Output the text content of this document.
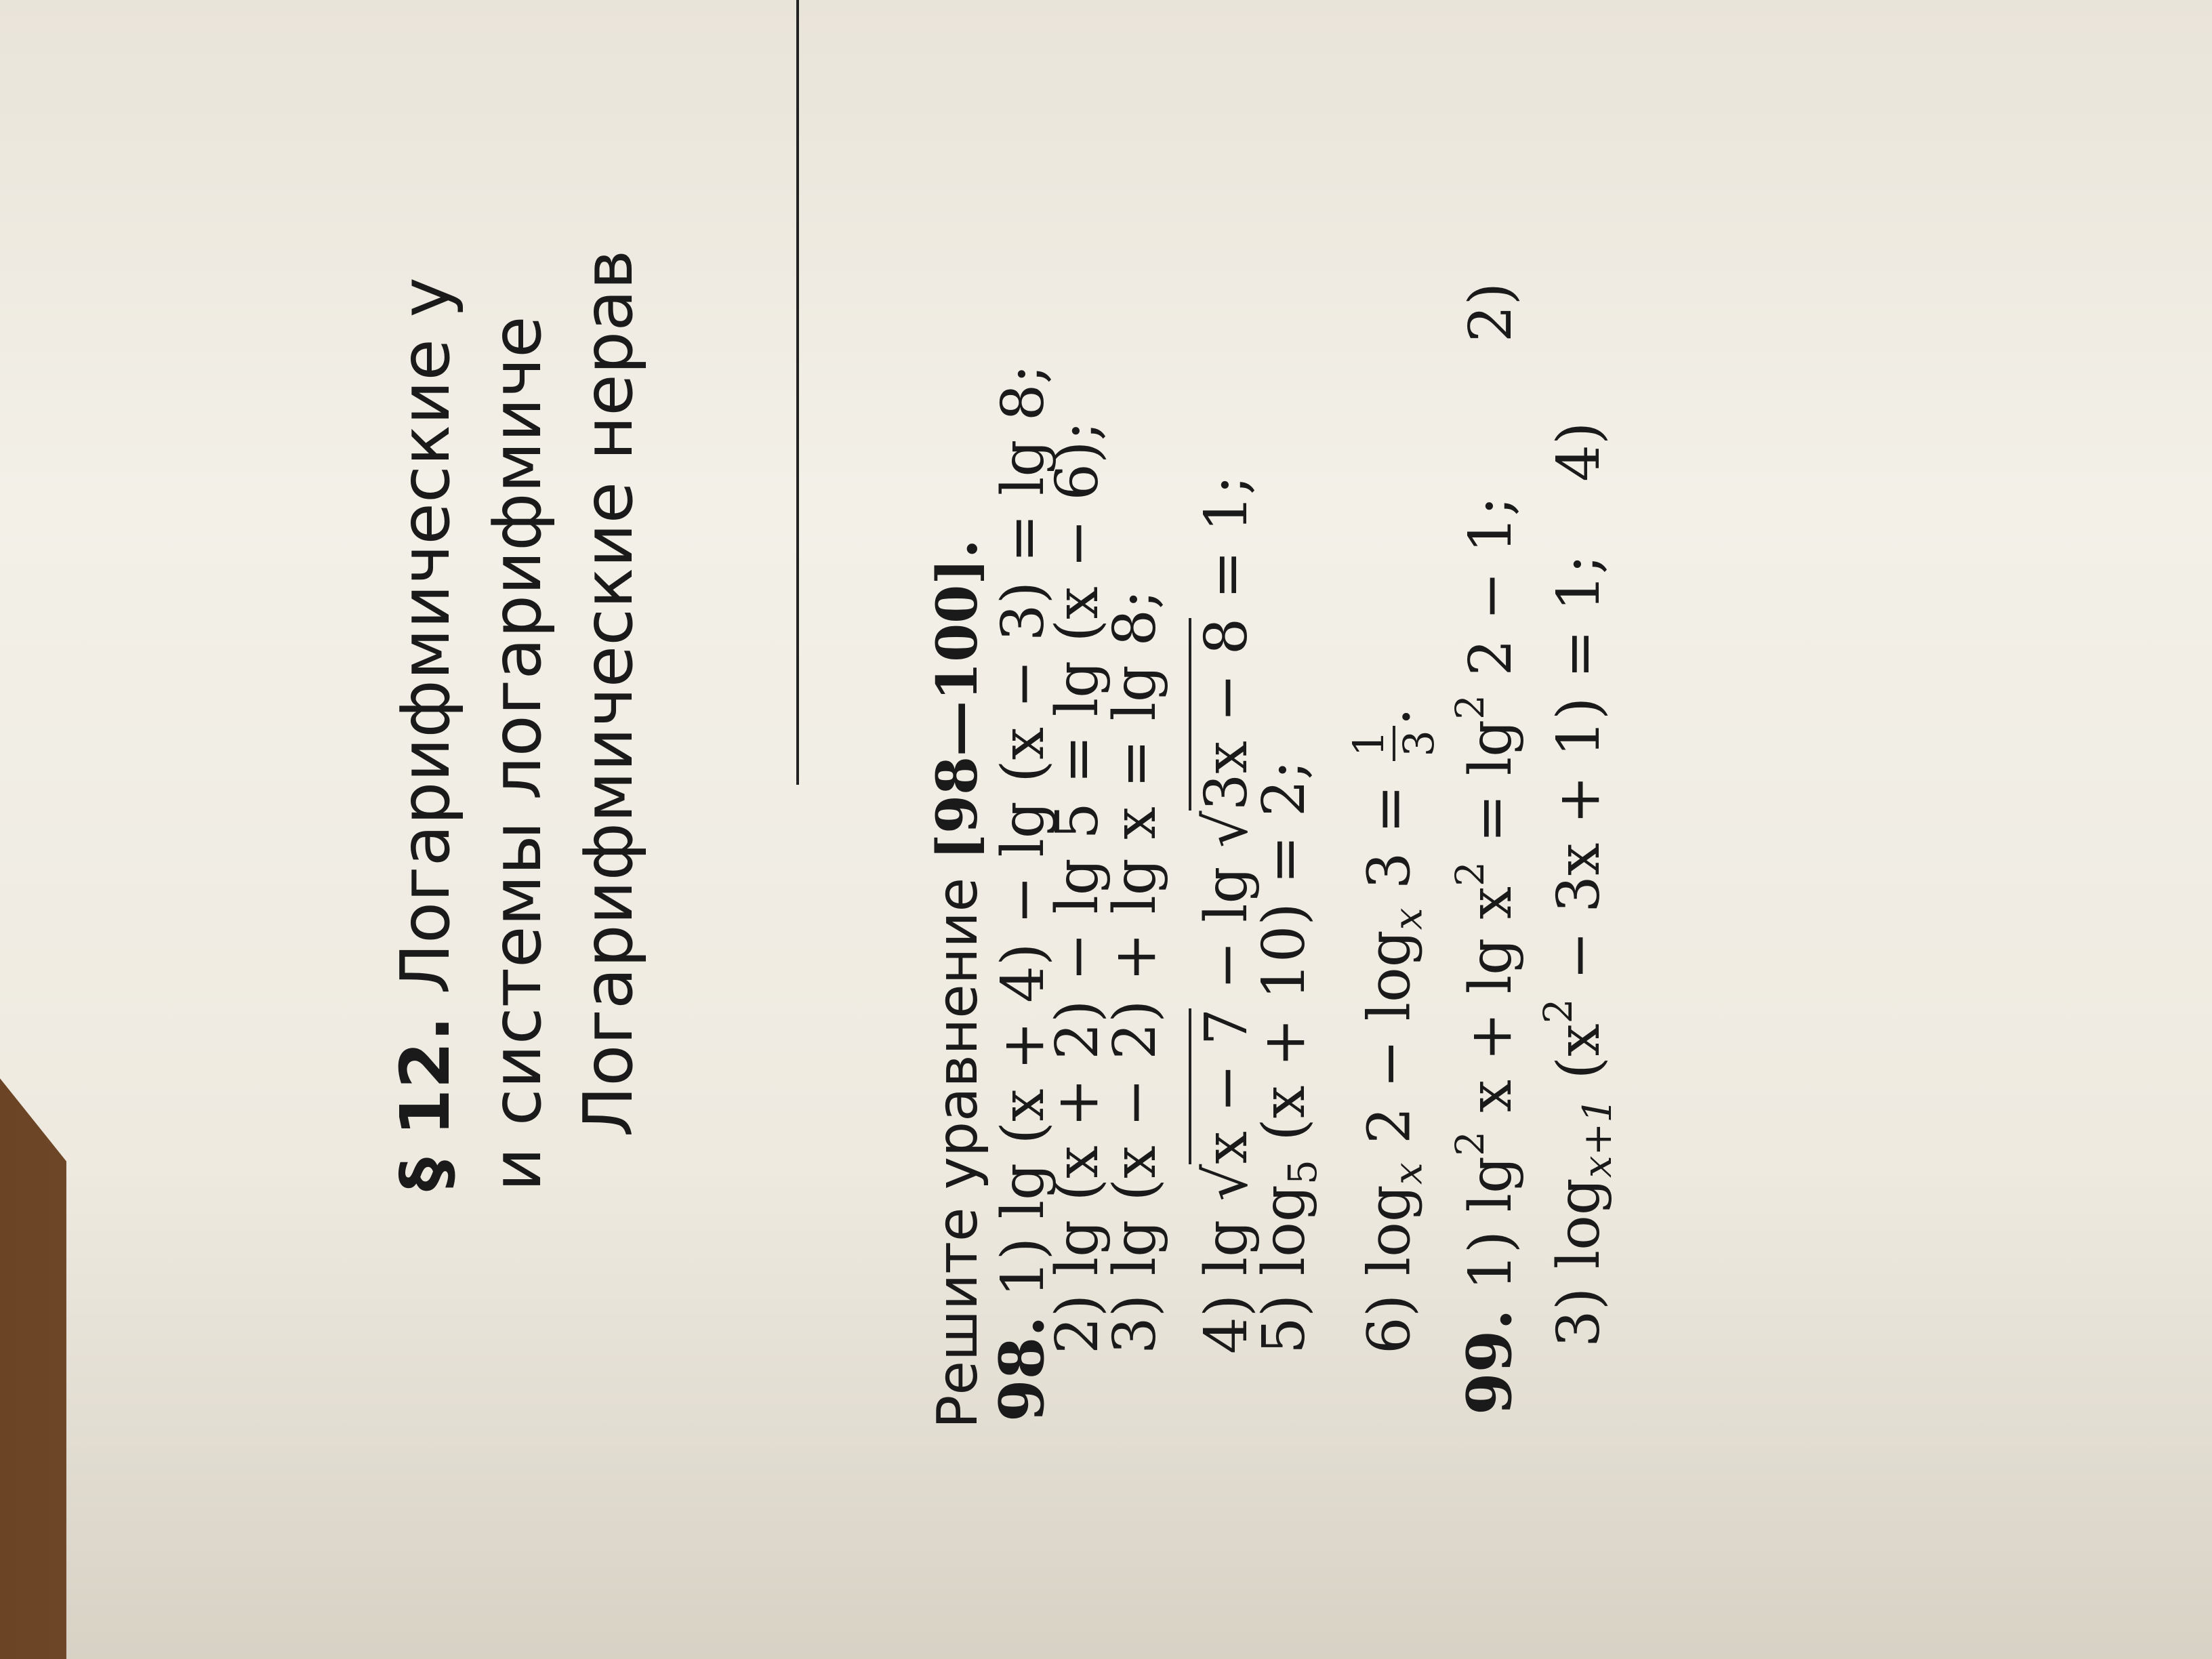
§ 12. Логарифмические у и системы логарифмиче Логарифмические нерав
Решите уравнение [98—100].
98. 1) lg (x + 4) − lg (x − 3) = lg 8;
2) lg (x + 2) − lg 5 = lg (x − 6);
3) lg (x − 2) + lg x = lg 8;
4) lg √x − 7 − lg √3x − 8 = 1;
5) $\log_5 (x + 10) = 2$;
6) $\log_x 2 - \log_x 3$ =
1 3
.
99. 1) $\lg^2 x + \lg x^2 = \lg^2 2 - 1$; 2)
3) $\log_{x+1} (x^2 - 3x + 1) = 1$; 4)
